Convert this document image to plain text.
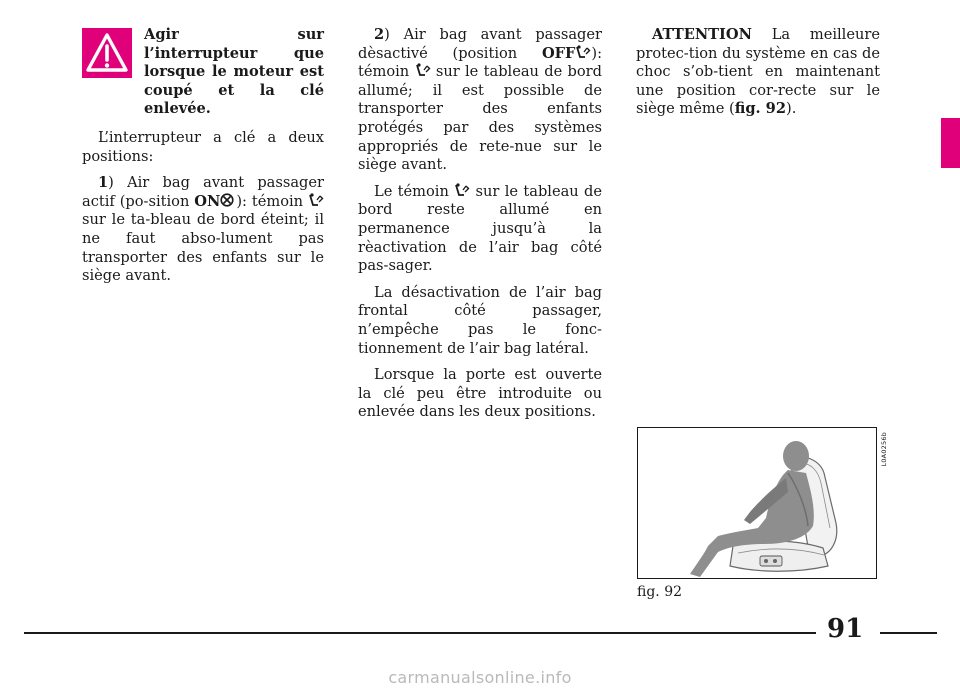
Agir sur l’interrupteur que lorsque le moteur est coupé et la clé enlevée.

L’interrupteur a clé a deux positions:

1) Air bag avant passager actif (po-sition ON ): témoin
sur le ta-bleau de bord éteint; il ne faut abso-lument pas transporter des enfants sur le siège avant.

2) Air bag avant passager dèsactivé (position OFF ): témoin
sur le tableau de bord allumé; il est possible de transporter des enfants protégés par des systèmes appropriés de rete-nue sur le siège avant.

Le témoin
sur le tableau de bord reste allumé en permanence jusqu’à la rèactivation de l’air bag côté pas-sager.

La désactivation de l’air bag frontal côté passager, n’empêche pas le fonc-tionnement de l’air bag latéral.

Lorsque la porte est ouverte la clé peu être introduite ou enlevée dans les deux positions.

ATTENTION La meilleure protec-tion du système en cas de choc s’ob-tient en maintenant une position cor-recte sur le siège même (fig. 92).

L0A0256b
fig. 92
91
carmanualsonline.info
